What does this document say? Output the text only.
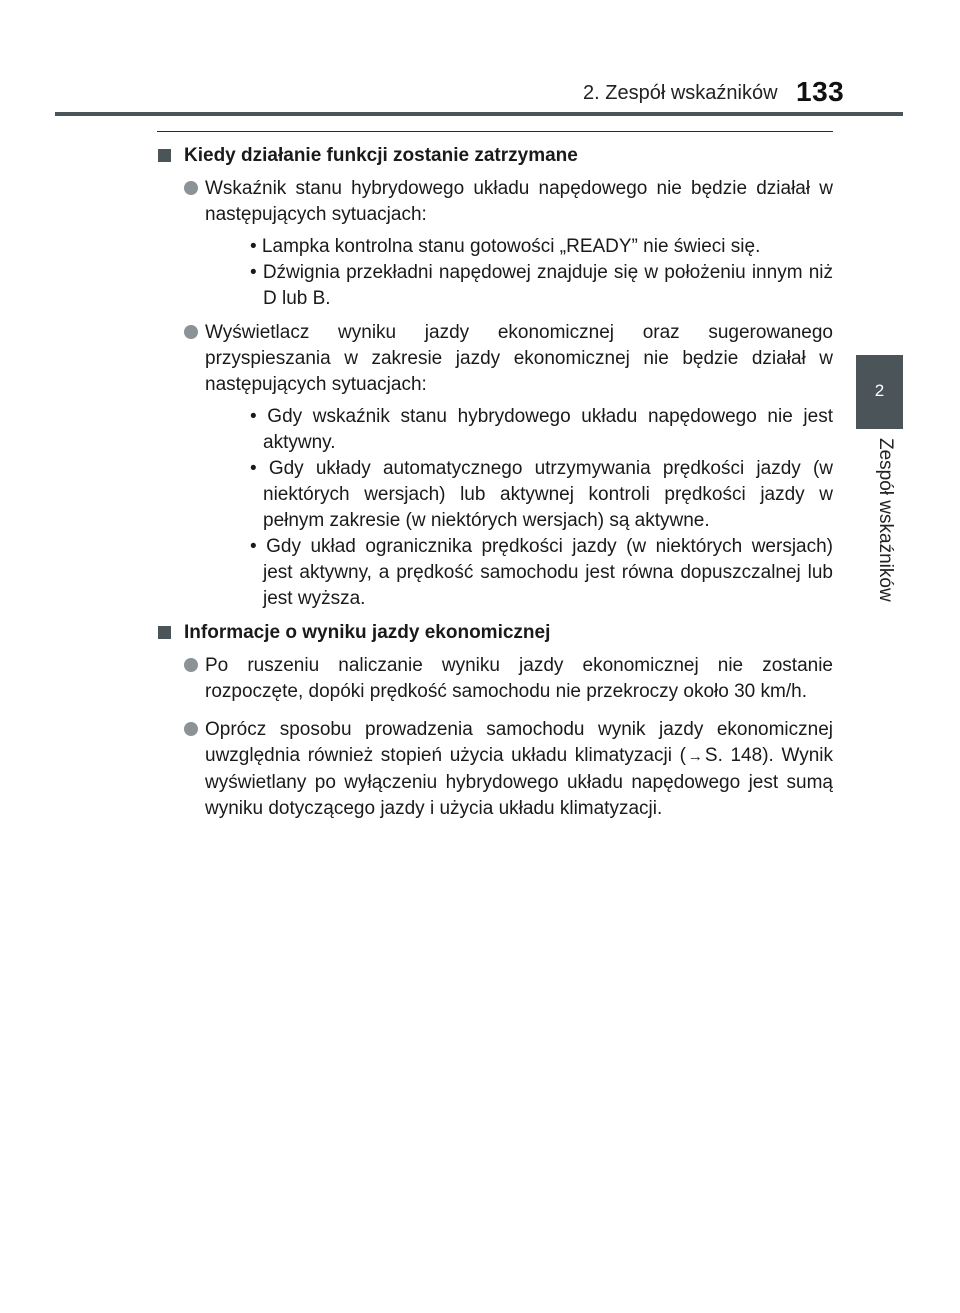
2. Zespół wskaźników 133
2
Zespół wskaźników
Kiedy działanie funkcji zostanie zatrzymane
Wskaźnik stanu hybrydowego układu napędowego nie będzie działał w następujących sytuacjach:

• Lampka kontrolna stanu gotowości „READY” nie świeci się.

• Dźwignia przekładni napędowej znajduje się w położeniu innym niż D lub B.

Wyświetlacz wyniku jazdy ekonomicznej oraz sugerowanego przyspieszania w zakresie jazdy ekonomicznej nie będzie działał w następujących sytuacjach:

• Gdy wskaźnik stanu hybrydowego układu napędowego nie jest aktywny.

• Gdy układy automatycznego utrzymywania prędkości jazdy (w niektórych wersjach) lub aktywnej kontroli prędkości jazdy w pełnym zakresie (w niektórych wersjach) są aktywne.

• Gdy układ ogranicznika prędkości jazdy (w niektórych wersjach) jest aktywny, a prędkość samochodu jest równa dopuszczalnej lub jest wyższa.

Informacje o wyniku jazdy ekonomicznej
Po ruszeniu naliczanie wyniku jazdy ekonomicznej nie zostanie rozpoczęte, dopóki prędkość samochodu nie przekroczy około 30 km/h.
Oprócz sposobu prowadzenia samochodu wynik jazdy ekonomicznej uwzględnia również stopień użycia układu klimatyzacji ( → S. 148). Wynik wyświetlany po wyłączeniu hybrydowego układu napędowego jest sumą wyniku dotyczącego jazdy i użycia układu klimatyzacji.
